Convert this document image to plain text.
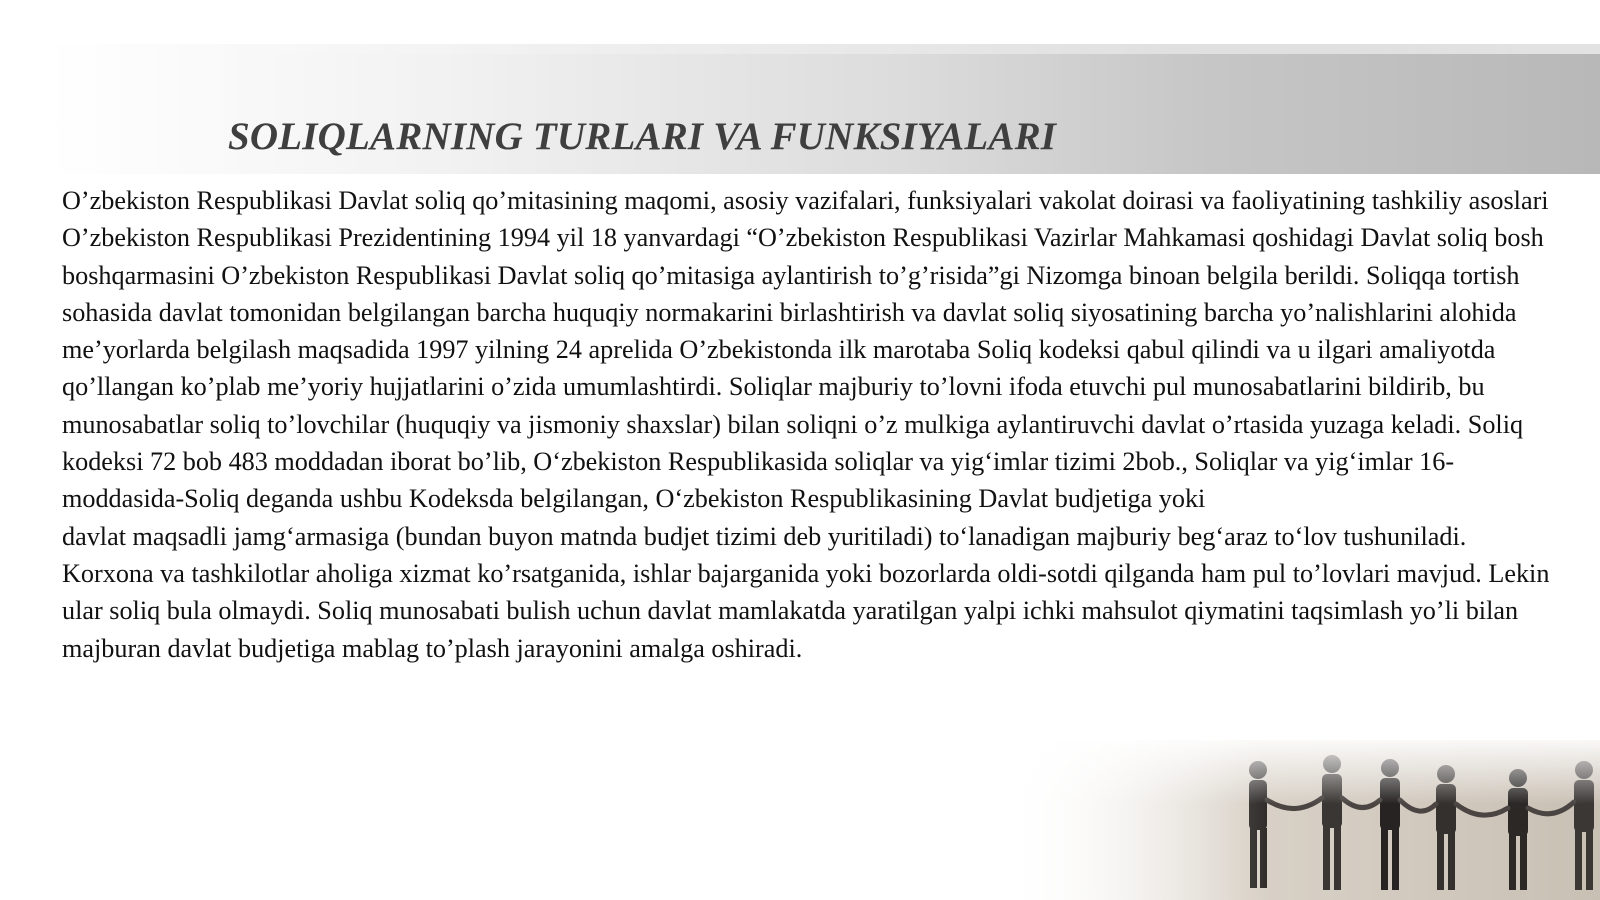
SOLIQLARNING TURLARI VA FUNKSIYALARI

O’zbekiston Respublikasi Davlat soliq qo’mitasining maqomi, asosiy vazifalari, funksiyalari vakolat doirasi va faoliyatining tashkiliy asoslari O’zbekiston Respublikasi Prezidentining 1994 yil 18 yanvardagi “O’zbekiston Respublikasi Vazirlar Mahkamasi qoshidagi Davlat soliq bosh boshqarmasini O’zbekiston Respublikasi Davlat soliq qo’mitasiga aylantirish to’g’risida”gi Nizomga binoan belgila berildi. Soliqqa tortish sohasida davlat tomonidan belgilangan barcha huquqiy normakarini birlashtirish va davlat soliq siyosatining barcha yo’nalishlarini alohida me’yorlarda belgilash maqsadida 1997 yilning 24 aprelida O’zbekistonda ilk marotaba Soliq kodeksi qabul qilindi va u ilgari amaliyotda qo’llangan ko’plab me’yoriy hujjatlarini o’zida umumlashtirdi. Soliqlar majburiy to’lovni ifoda etuvchi pul munosabatlarini bildirib, bu munosabatlar soliq to’lovchilar (huquqiy va jismoniy shaxslar) bilan soliqni o’z mulkiga aylantiruvchi davlat o’rtasida yuzaga keladi. Soliq kodeksi 72 bob 483 moddadan iborat bo’lib, O‘zbekiston Respublikasida soliqlar va yig‘imlar tizimi 2bob., Soliqlar va yig‘imlar 16-moddasida-Soliq deganda ushbu Kodeksda belgilangan, O‘zbekiston Respublikasining Davlat budjetiga yoki

davlat maqsadli jamg‘armasiga (bundan buyon matnda budjet tizimi deb yuritiladi) to‘lanadigan majburiy beg‘araz to‘lov tushuniladi.

Korxona va tashkilotlar aholiga xizmat ko’rsatganida, ishlar bajarganida yoki bozorlarda oldi-sotdi qilganda ham pul to’lovlari mavjud. Lekin ular soliq bula olmaydi. Soliq munosabati bulish uchun davlat mamlakatda yaratilgan yalpi ichki mahsulot qiymatini taqsimlash yo’li bilan majburan davlat budjetiga mablag to’plash jarayonini amalga oshiradi.
